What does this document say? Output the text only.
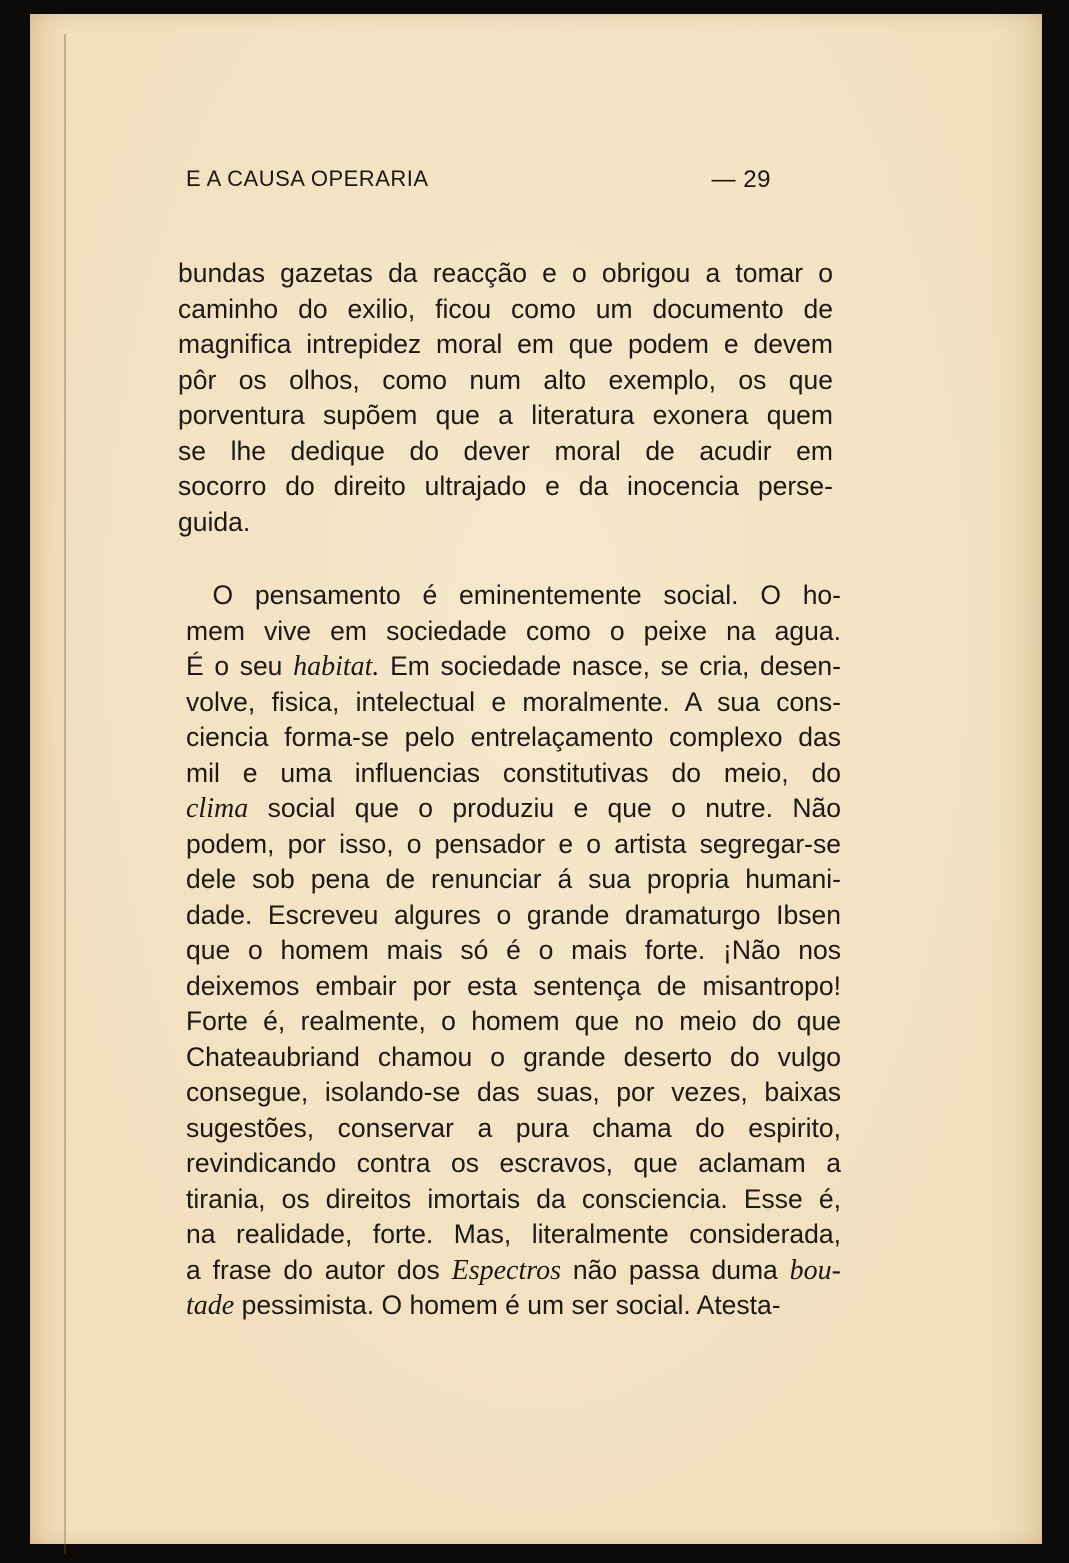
E A CAUSA OPERARIA	— 29
bundas gazetas da reacção e o obrigou a tomar o
caminho do exilio, ficou como um documento de
magnifica intrepidez moral em que podem e devem
pôr os olhos, como num alto exemplo, os que
porventura supõem que a literatura exonera quem
se lhe dedique do dever moral de acudir em
socorro do direito ultrajado e da inocencia perse-
guida.
 O pensamento é eminentemente social. O ho-
mem vive em sociedade como o peixe na agua.
É o seu habitat. Em sociedade nasce, se cria, desen-
volve, fisica, intelectual e moralmente. A sua cons-
ciencia forma-se pelo entrelaçamento complexo das
mil e uma influencias constitutivas do meio, do
clima social que o produziu e que o nutre. Não
podem, por isso, o pensador e o artista segregar-se
dele sob pena de renunciar á sua propria humani-
dade. Escreveu algures o grande dramaturgo Ibsen
que o homem mais só é o mais forte. ¡Não nos
deixemos embair por esta sentença de misantropo!
Forte é, realmente, o homem que no meio do que
Chateaubriand chamou o grande deserto do vulgo
consegue, isolando-se das suas, por vezes, baixas
sugestões, conservar a pura chama do espirito,
revindicando contra os escravos, que aclamam a
tirania, os direitos imortais da consciencia. Esse é,
na realidade, forte. Mas, literalmente considerada,
a frase do autor dos Espectros não passa duma bou-
tade pessimista. O homem é um ser social. Atesta-
